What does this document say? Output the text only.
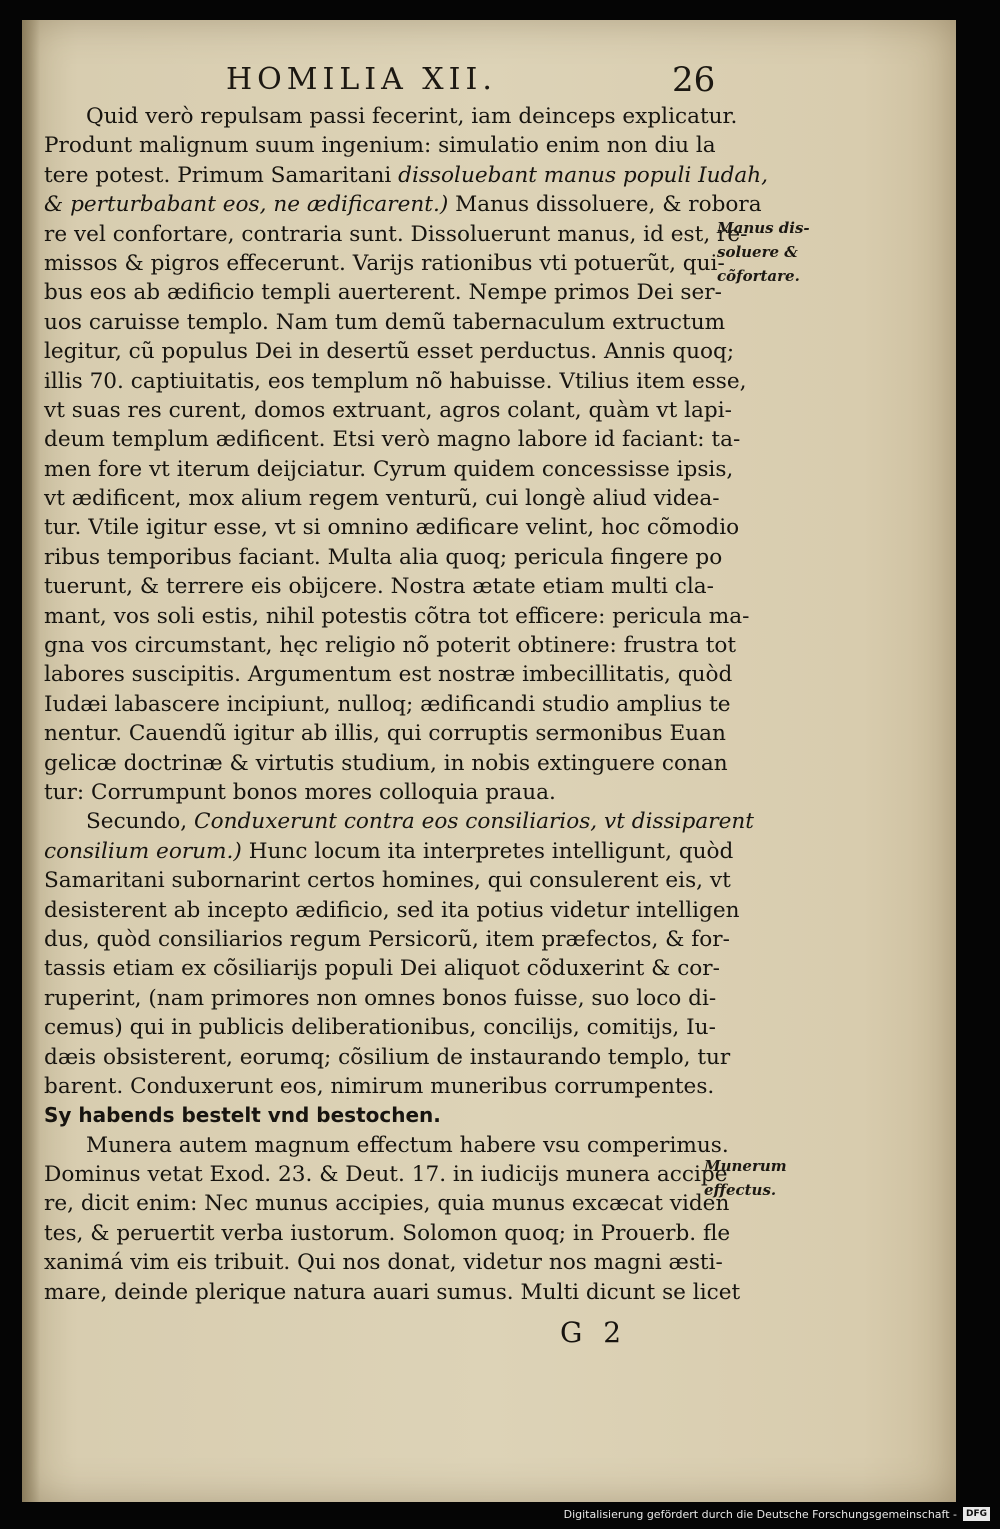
HOMILIA XII.	26
Quid verò repulsam passi fecerint, iam deinceps explicatur.
Produnt malignum suum ingenium: simulatio enim non diu la
tere potest. Primum Samaritani dissoluebant manus populi Iudah,
& perturbabant eos, ne ædificarent.) Manus dissoluere, & robora
re vel confortare, contraria sunt. Dissoluerunt manus, id est, re-
missos & pigros effecerunt. Varijs rationibus vti potuerũt, qui-
bus eos ab ædificio templi auerterent. Nempe primos Dei ser-
uos caruisse templo. Nam tum demũ tabernaculum extructum
legitur, cũ populus Dei in desertũ esset perductus. Annis quoq;
illis 70. captiuitatis, eos templum nõ habuisse. Vtilius item esse,
vt suas res curent, domos extruant, agros colant, quàm vt lapi-
deum templum ædificent. Etsi verò magno labore id faciant: ta-
men fore vt iterum deijciatur. Cyrum quidem concessisse ipsis,
vt ædificent, mox alium regem venturũ, cui longè aliud videa-
tur. Vtile igitur esse, vt si omnino ædificare velint, hoc cõmodio
ribus temporibus faciant. Multa alia quoq; pericula fingere po
tuerunt, & terrere eis obijcere. Nostra ætate etiam multi cla-
mant, vos soli estis, nihil potestis cõtra tot efficere: pericula ma-
gna vos circumstant, hęc religio nõ poterit obtinere: frustra tot
labores suscipitis. Argumentum est nostræ imbecillitatis, quòd
Iudæi labascere incipiunt, nulloq; ædificandi studio amplius te
nentur. Cauendũ igitur ab illis, qui corruptis sermonibus Euan
gelicæ doctrinæ & virtutis studium, in nobis extinguere conan
tur: Corrumpunt bonos mores colloquia praua.
Secundo, Conduxerunt contra eos consiliarios, vt dissiparent
consilium eorum.) Hunc locum ita interpretes intelligunt, quòd
Samaritani subornarint certos homines, qui consulerent eis, vt
desisterent ab incepto ædificio, sed ita potius videtur intelligen
dus, quòd consiliarios regum Persicorũ, item præfectos, & for-
tassis etiam ex cõsiliarijs populi Dei aliquot cõduxerint & cor-
ruperint, (nam primores non omnes bonos fuisse, suo loco di-
cemus) qui in publicis deliberationibus, concilijs, comitijs, Iu-
dæis obsisterent, eorumq; cõsilium de instaurando templo, tur
barent. Conduxerunt eos, nimirum muneribus corrumpentes.
Sy habends bestelt vnd bestochen.
Munera autem magnum effectum habere vsu comperimus.
Dominus vetat Exod. 23. & Deut. 17. in iudicijs munera accipe
re, dicit enim: Nec munus accipies, quia munus excæcat viden
tes, & peruertit verba iustorum. Solomon quoq; in Prouerb. fle
xanimá vim eis tribuit. Qui nos donat, videtur nos magni æsti-
mare, deinde plerique natura auari sumus. Multi dicunt se licet
Manus dis-
soluere &
cõfortare.
Munerum
effectus.
G 2
Digitalisierung gefördert durch die Deutsche Forschungsgemeinschaft -	DFG
